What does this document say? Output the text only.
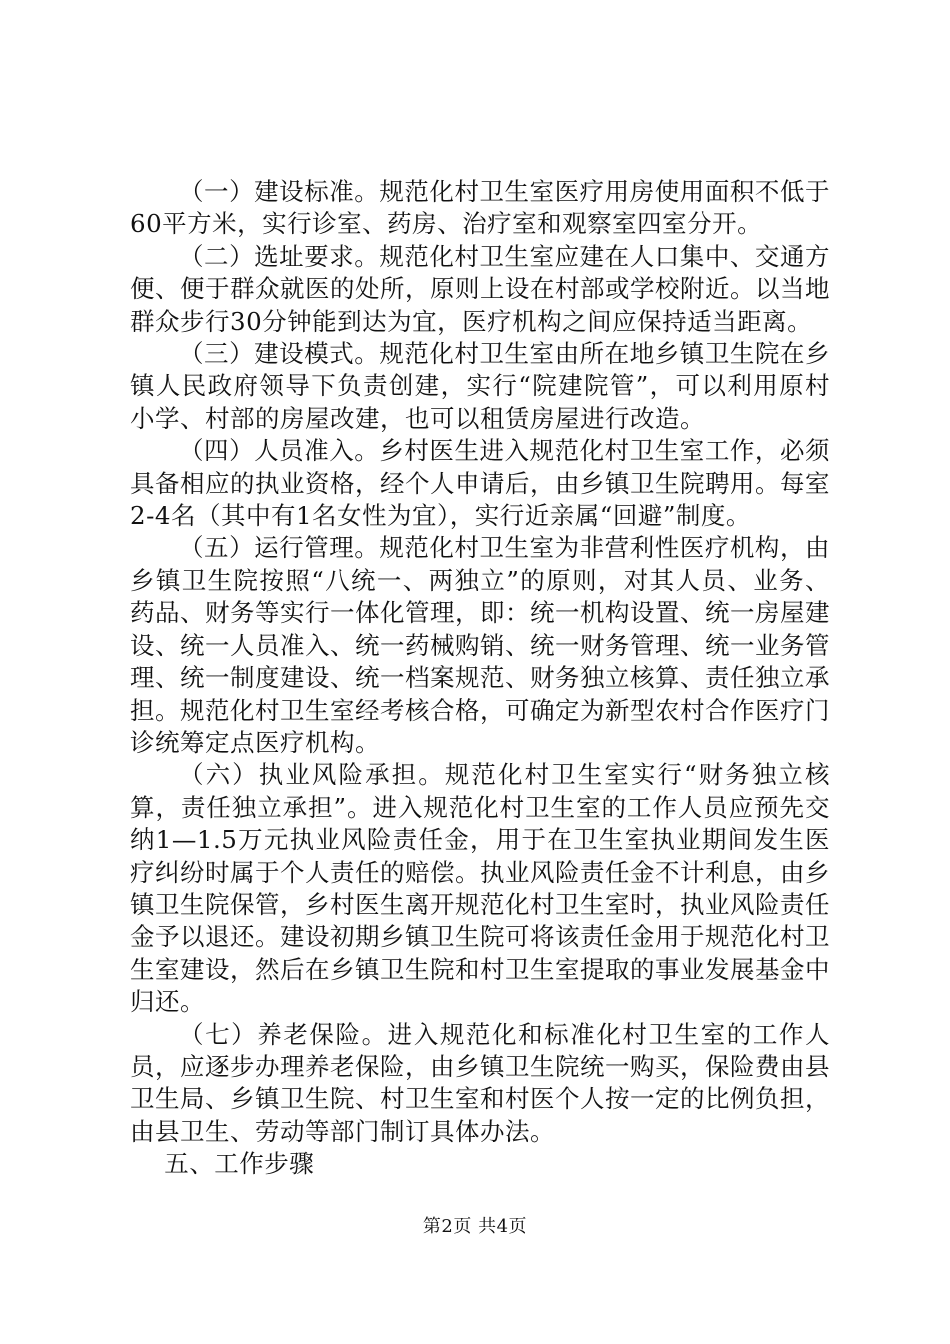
（一）建设标准。规范化村卫生室医疗用房使用面积不低于60平方米，实行诊室、药房、治疗室和观察室四室分开。

（二）选址要求。规范化村卫生室应建在人口集中、交通方便、便于群众就医的处所，原则上设在村部或学校附近。以当地群众步行30分钟能到达为宜，医疗机构之间应保持适当距离。

（三）建设模式。规范化村卫生室由所在地乡镇卫生院在乡镇人民政府领导下负责创建，实行“院建院管”，可以利用原村小学、村部的房屋改建，也可以租赁房屋进行改造。

（四）人员准入。乡村医生进入规范化村卫生室工作，必须具备相应的执业资格，经个人申请后，由乡镇卫生院聘用。每室2-4名（其中有1名女性为宜），实行近亲属“回避”制度。

（五）运行管理。规范化村卫生室为非营利性医疗机构，由乡镇卫生院按照“八统一、两独立”的原则，对其人员、业务、药品、财务等实行一体化管理，即：统一机构设置、统一房屋建设、统一人员准入、统一药械购销、统一财务管理、统一业务管理、统一制度建设、统一档案规范、财务独立核算、责任独立承担。规范化村卫生室经考核合格，可确定为新型农村合作医疗门诊统筹定点医疗机构。

（六）执业风险承担。规范化村卫生室实行“财务独立核算，责任独立承担”。进入规范化村卫生室的工作人员应预先交纳1—1.5万元执业风险责任金，用于在卫生室执业期间发生医疗纠纷时属于个人责任的赔偿。执业风险责任金不计利息，由乡镇卫生院保管，乡村医生离开规范化村卫生室时，执业风险责任金予以退还。建设初期乡镇卫生院可将该责任金用于规范化村卫生室建设，然后在乡镇卫生院和村卫生室提取的事业发展基金中归还。

（七）养老保险。进入规范化和标准化村卫生室的工作人员，应逐步办理养老保险，由乡镇卫生院统一购买，保险费由县卫生局、乡镇卫生院、村卫生室和村医个人按一定的比例负担，由县卫生、劳动等部门制订具体办法。

五、工作步骤

第2页 共4页
